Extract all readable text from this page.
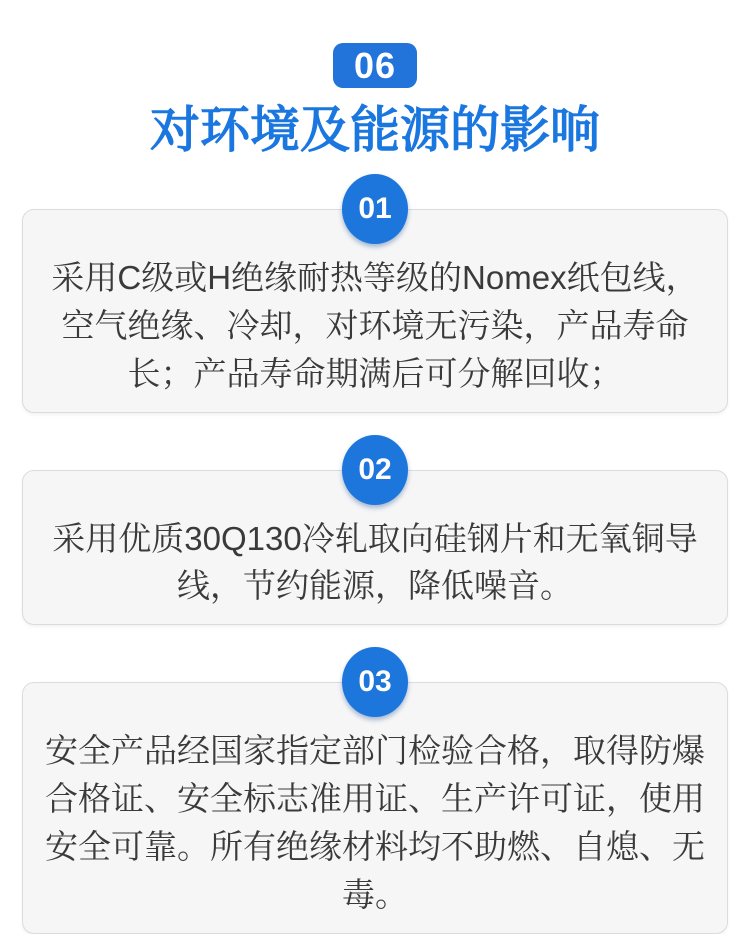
06
对环境及能源的影响
01

采用C级或H绝缘耐热等级的Nomex纸包线，空气绝缘、冷却，对环境无污染，产品寿命长；产品寿命期满后可分解回收；

02

采用优质30Q130冷轧取向硅钢片和无氧铜导线，节约能源，降低噪音。

03

安全产品经国家指定部门检验合格，取得防爆合格证、安全标志准用证、生产许可证，使用安全可靠。所有绝缘材料均不助燃、自熄、无毒。
